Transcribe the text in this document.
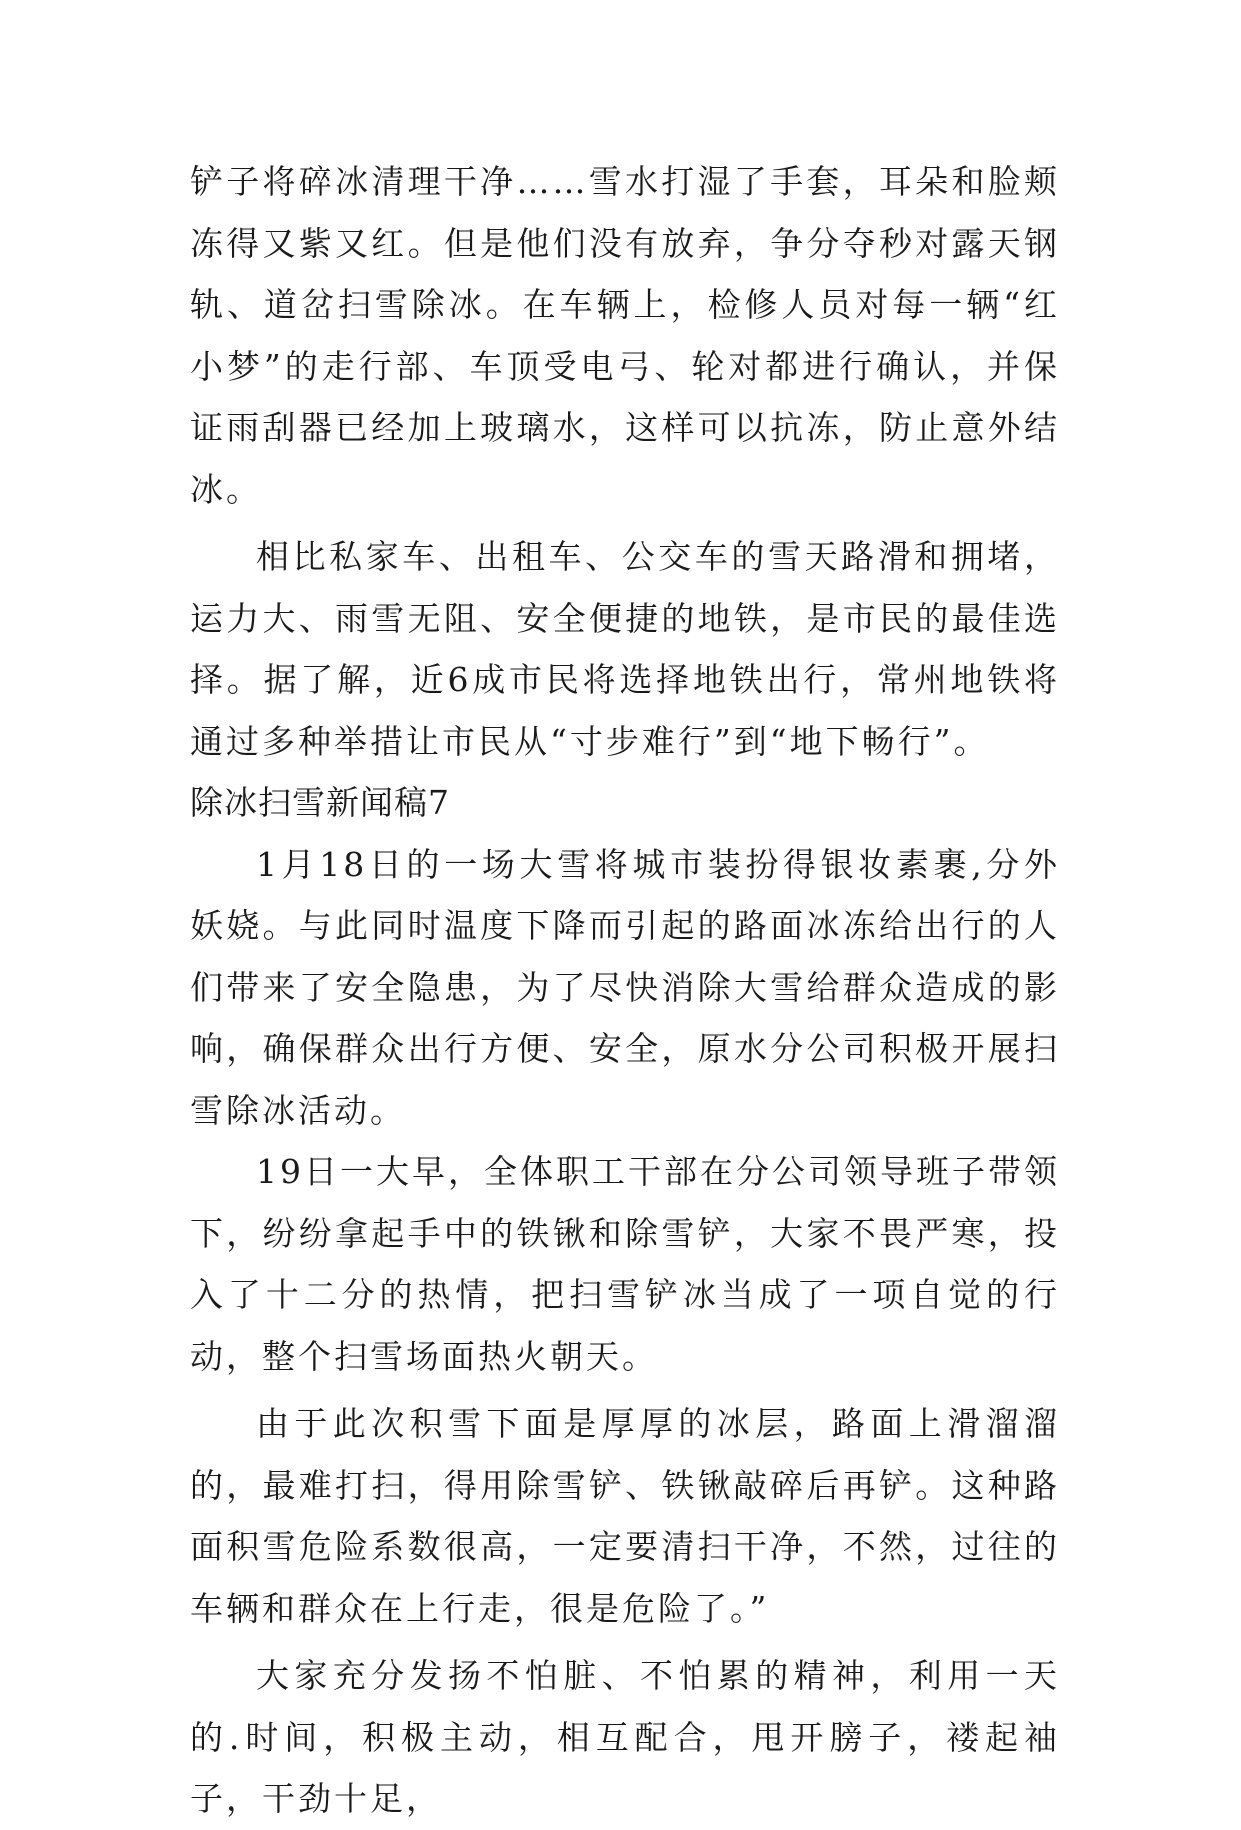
铲子将碎冰清理干净……雪水打湿了手套，耳朵和脸颊冻得又紫又红。但是他们没有放弃，争分夺秒对露天钢轨、道岔扫雪除冰。在车辆上，检修人员对每一辆“红小梦”的走行部、车顶受电弓、轮对都进行确认，并保证雨刮器已经加上玻璃水，这样可以抗冻，防止意外结冰。

相比私家车、出租车、公交车的雪天路滑和拥堵，运力大、雨雪无阻、安全便捷的地铁，是市民的最佳选择。据了解，近6成市民将选择地铁出行，常州地铁将通过多种举措让市民从“寸步难行”到“地下畅行”。

除冰扫雪新闻稿7

1月18日的一场大雪将城市装扮得银妆素裹,分外妖娆。与此同时温度下降而引起的路面冰冻给出行的人们带来了安全隐患，为了尽快消除大雪给群众造成的影响，确保群众出行方便、安全，原水分公司积极开展扫雪除冰活动。

19日一大早，全体职工干部在分公司领导班子带领下，纷纷拿起手中的铁锹和除雪铲，大家不畏严寒，投入了十二分的热情，把扫雪铲冰当成了一项自觉的行动，整个扫雪场面热火朝天。

由于此次积雪下面是厚厚的冰层，路面上滑溜溜的，最难打扫，得用除雪铲、铁锹敲碎后再铲。这种路面积雪危险系数很高，一定要清扫干净，不然，过往的车辆和群众在上行走，很是危险了。”

大家充分发扬不怕脏、不怕累的精神，利用一天的.时间，积极主动，相互配合，甩开膀子，褛起袖子，干劲十足，
